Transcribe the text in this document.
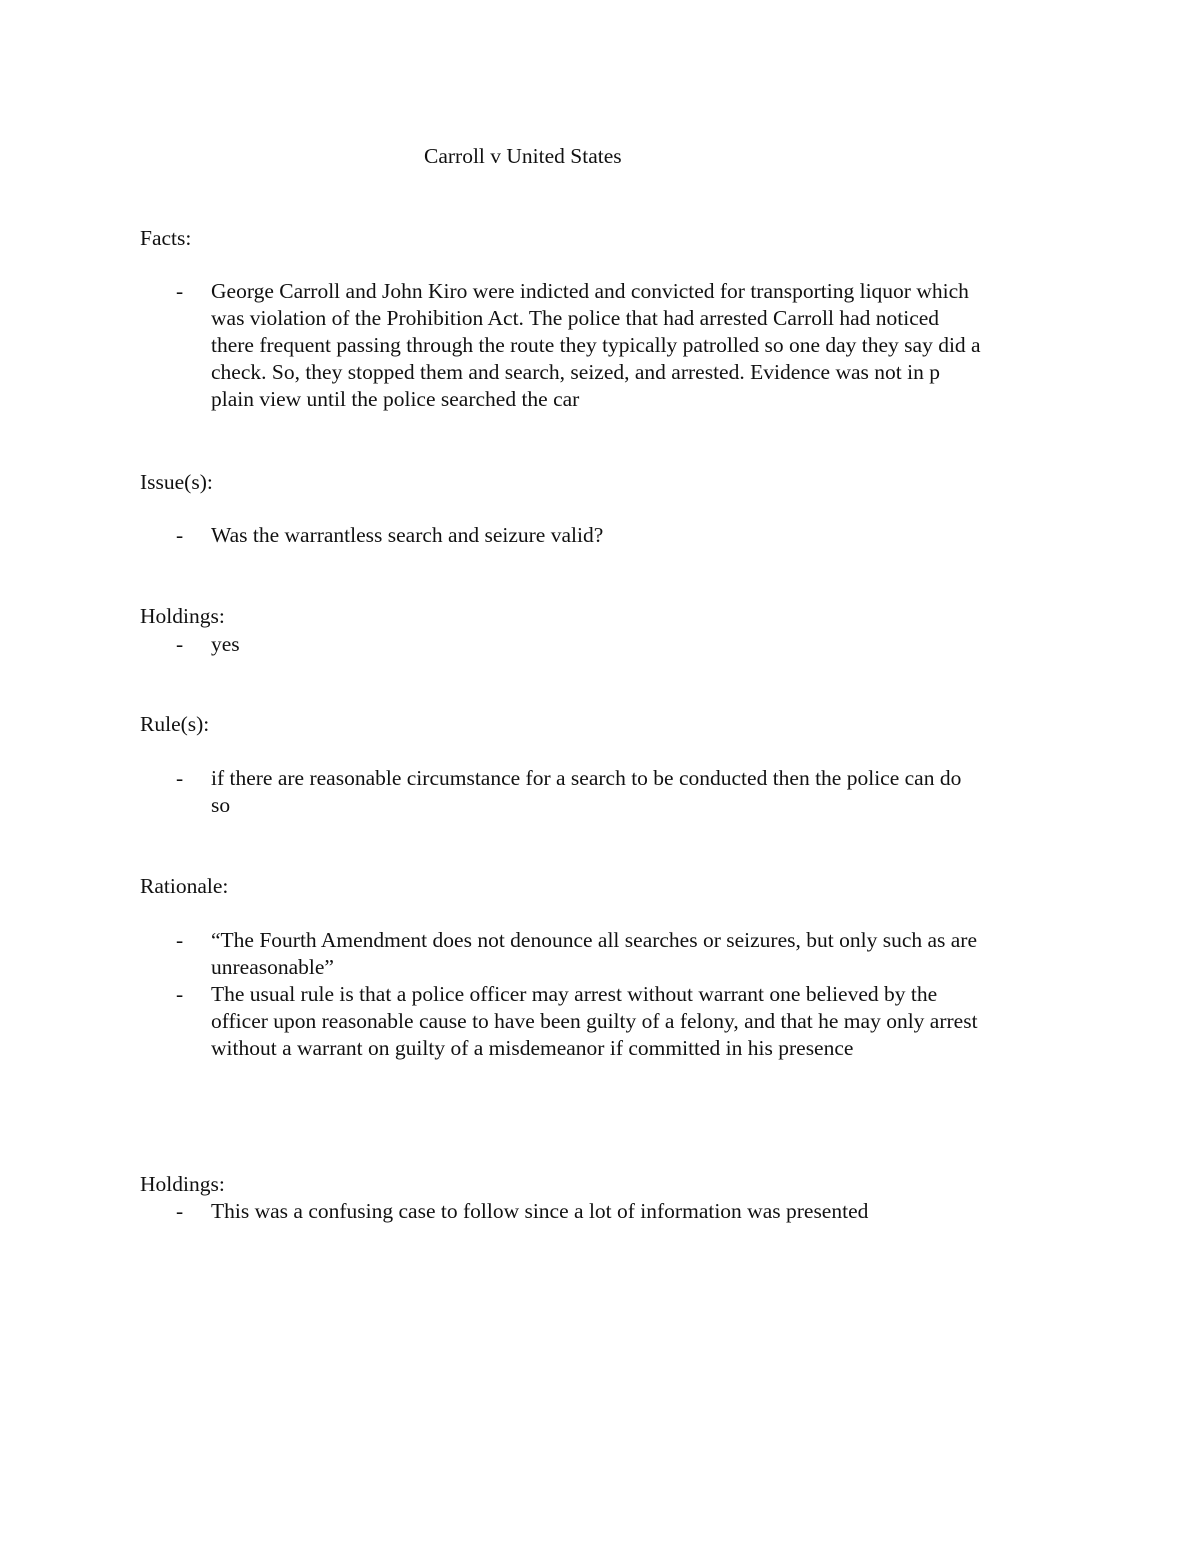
Carroll v United States
Facts:
-	George Carroll and John Kiro were indicted and convicted for transporting liquor which
was violation of the Prohibition Act. The police that had arrested Carroll had noticed
there frequent passing through the route they typically patrolled so one day they say did a
check. So, they stopped them and search, seized, and arrested. Evidence was not in p
plain view until the police searched the car
Issue(s):
-	Was the warrantless search and seizure valid?
Holdings:
-	yes
Rule(s):
-	if there are reasonable circumstance for a search to be conducted then the police can do
so
Rationale:
-	“The Fourth Amendment does not denounce all searches or seizures, but only such as are
unreasonable”
-	The usual rule is that a police officer may arrest without warrant one believed by the
officer upon reasonable cause to have been guilty of a felony, and that he may only arrest
without a warrant on guilty of a misdemeanor if committed in his presence
Holdings:
-	This was a confusing case to follow since a lot of information was presented
